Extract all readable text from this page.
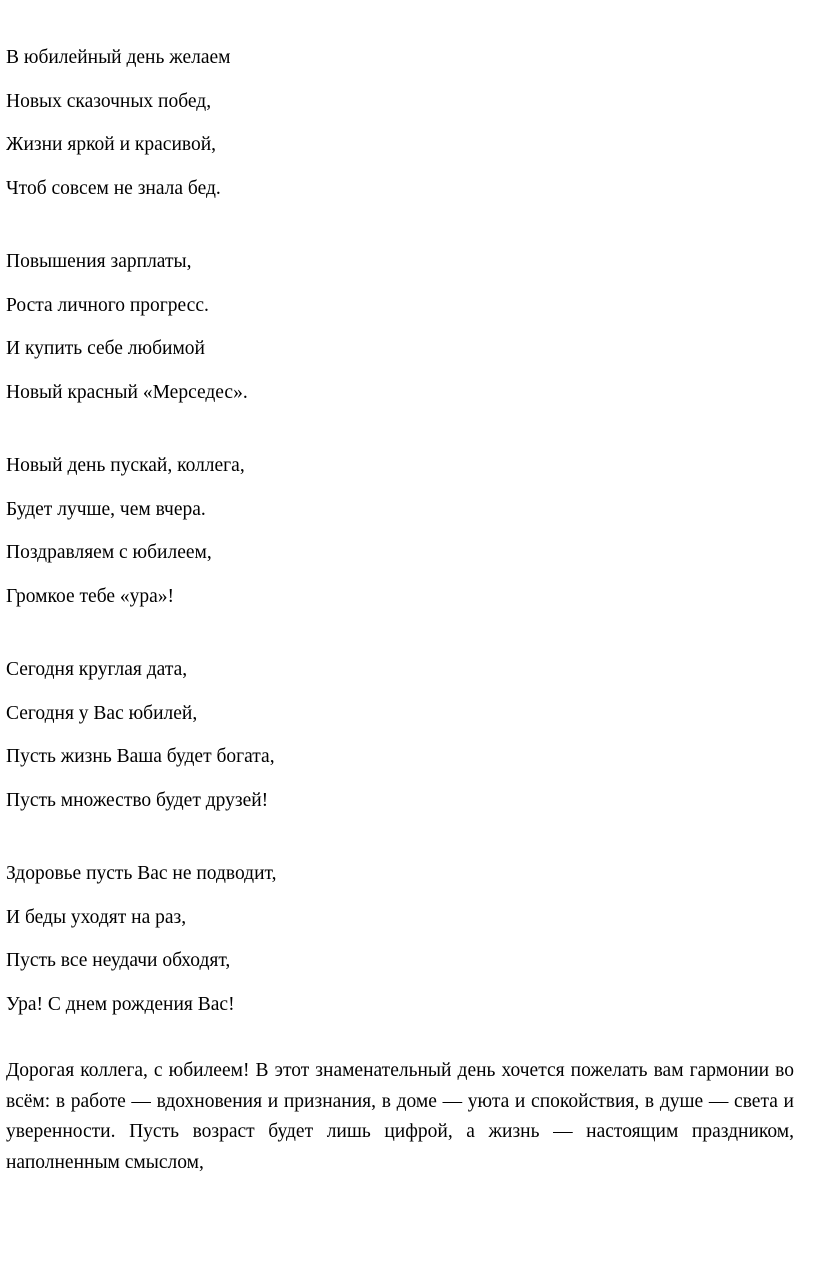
В юбилейный день желаем
Новых сказочных побед,
Жизни яркой и красивой,
Чтоб совсем не знала бед.
Повышения зарплаты,
Роста личного прогресс.
И купить себе любимой
Новый красный «Мерседес».
Новый день пускай, коллега,
Будет лучше, чем вчера.
Поздравляем с юбилеем,
Громкое тебе «ура»!
Сегодня круглая дата,
Сегодня у Вас юбилей,
Пусть жизнь Ваша будет богата,
Пусть множество будет друзей!
Здоровье пусть Вас не подводит,
И беды уходят на раз,
Пусть все неудачи обходят,
Ура! С днем рождения Вас!

Дорогая коллега, с юбилеем! В этот знаменательный день хочется пожелать вам гармонии во всём: в работе — вдохновения и признания, в доме — уюта и спокойствия, в душе — света и уверенности. Пусть возраст будет лишь цифрой, а жизнь — настоящим праздником, наполненным смыслом,
